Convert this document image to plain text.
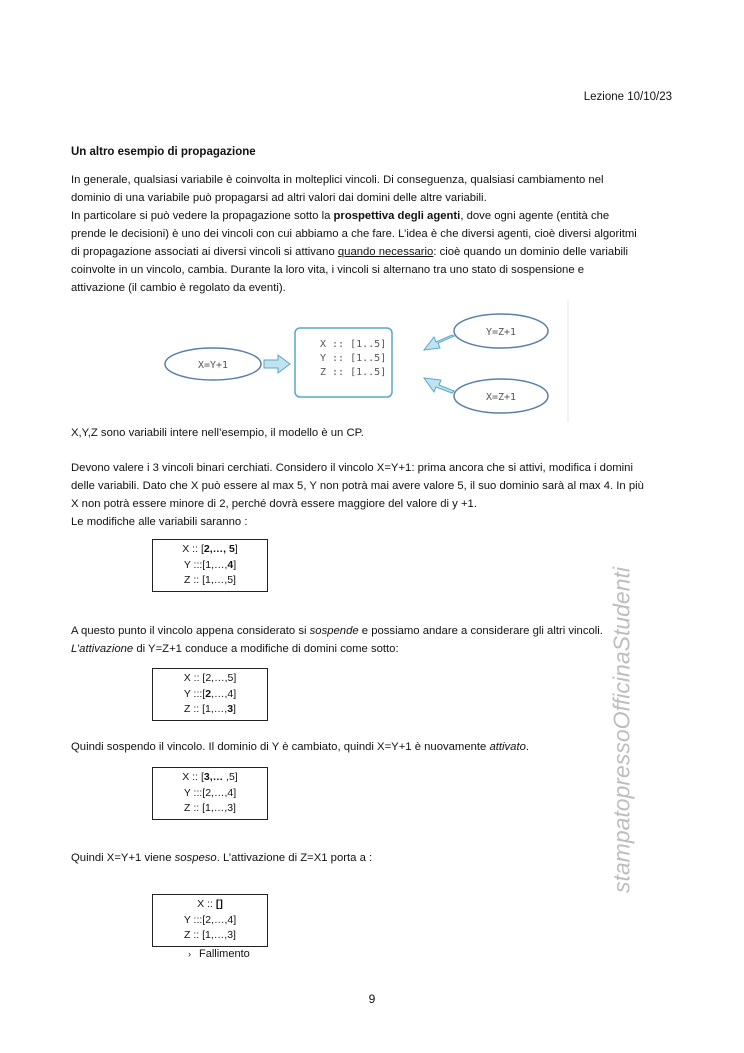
Lezione 10/10/23
Un altro esempio di propagazione

In generale, qualsiasi variabile è coinvolta in molteplici vincoli. Di conseguenza, qualsiasi cambiamento nel

dominio di una variabile può propagarsi ad altri valori dai domini delle altre variabili.

In particolare si può vedere la propagazione sotto la prospettiva degli agenti, dove ogni agente (entità che

prende le decisioni) è uno dei vincoli con cui abbiamo a che fare. L’idea è che diversi agenti, cioè diversi algoritmi

di propagazione associati ai diversi vincoli si attivano quando necessario: cioè quando un dominio delle variabili

coinvolte in un vincolo, cambia. Durante la loro vita, i vincoli si alternano tra uno stato di sospensione e

attivazione (il cambio è regolato da eventi).

X=Y+1
X :: [1..5]
Y :: [1..5]
Z :: [1..5]
Y=Z+1
X=Z+1
X,Y,Z sono variabili intere nell’esempio, il modello è un CP.

Devono valere i 3 vincoli binari cerchiati. Considero il vincolo X=Y+1: prima ancora che si attivi, modifica i domini

delle variabili. Dato che X può essere al max 5, Y non potrà mai avere valore 5, il suo dominio sarà al max 4. In più

X non potrà essere minore di 2, perché dovrà essere maggiore del valore di y +1.

Le modifiche alle variabili saranno :

X :: [2,…, 5]
Y :::[1,…,4]
Z :: [1,…,5]

A questo punto il vincolo appena considerato si sospende e possiamo andare a considerare gli altri vincoli.

L’attivazione di Y=Z+1 conduce a modifiche di domini come sotto:

X :: [2,…,5]
Y :::[2,…,4]
Z :: [1,…,3]

Quindi sospendo il vincolo. Il dominio di Y è cambiato, quindi X=Y+1 è nuovamente attivato.

X :: [3,… ,5]
Y :::[2,…,4]
Z :: [1,…,3]

Quindi X=Y+1 viene sospeso. L’attivazione di Z=X1 porta a :

X :: []
Y :::[2,…,4]
Z :: [1,…,3]
› Fallimento
stampatopressoOfficinaStudenti
9
